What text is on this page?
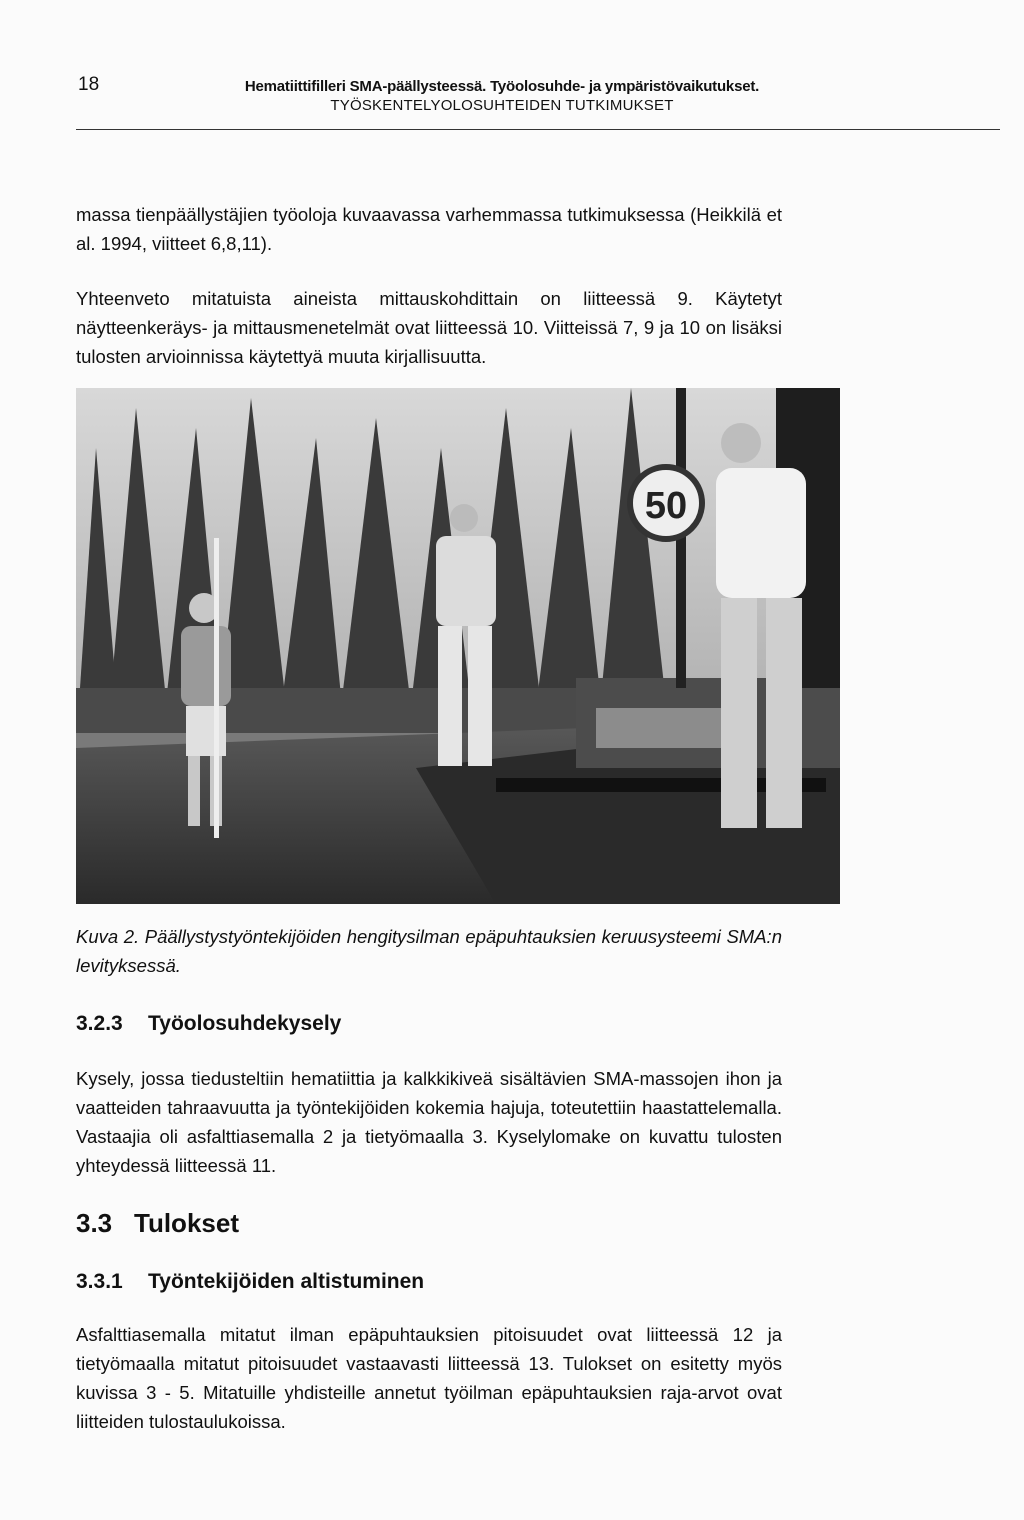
18	Hematiittifilleri SMA-päällysteessä. Työolosuhde- ja ympäristövaikutukset.
TYÖSKENTELYOLOSUHTEIDEN TUTKIMUKSET
massa tienpäällystäjien työoloja kuvaavassa varhemmassa tutkimuksessa (Heikkilä et al. 1994, viitteet 6,8,11).
Yhteenveto mitatuista aineista mittauskohdittain on liitteessä 9. Käytetyt näytteenkeräys- ja mittausmenetelmät ovat liitteessä 10. Viitteissä 7, 9 ja 10 on lisäksi tulosten arvioinnissa käytettyä muuta kirjallisuutta.
50
Kuva 2. Päällystystyöntekijöiden hengitysilman epäpuhtauksien keruusysteemi SMA:n levityksessä.
3.2.3 Työolosuhdekysely
Kysely, jossa tiedusteltiin hematiittia ja kalkkikiveä sisältävien SMA-massojen ihon ja vaatteiden tahraavuutta ja työntekijöiden kokemia hajuja, toteutettiin haastattelemalla. Vastaajia oli asfalttiasemalla 2 ja tietyömaalla 3. Kyselylomake on kuvattu tulosten yhteydessä liitteessä 11.
3.3 Tulokset
3.3.1 Työntekijöiden altistuminen
Asfalttiasemalla mitatut ilman epäpuhtauksien pitoisuudet ovat liitteessä 12 ja tietyömaalla mitatut pitoisuudet vastaavasti liitteessä 13. Tulokset on esitetty myös kuvissa 3 - 5. Mitatuille yhdisteille annetut työilman epäpuhtauksien raja-arvot ovat liitteiden tulostaulukoissa.
